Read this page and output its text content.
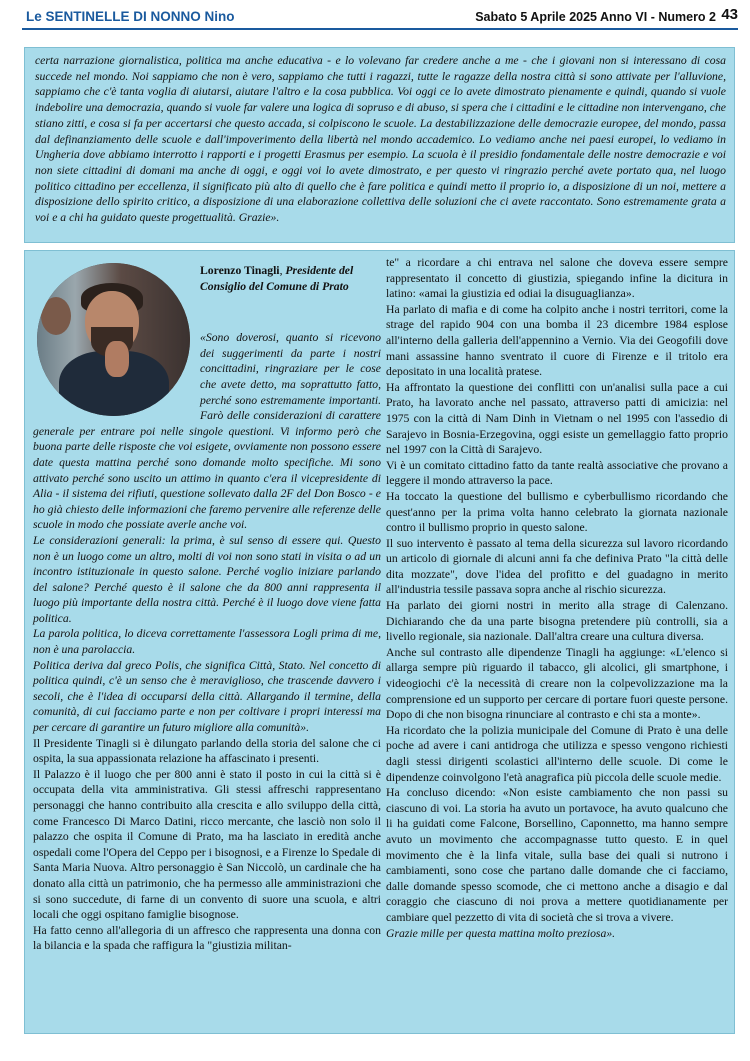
Le SENTINELLE DI NONNO Nino	Sabato 5 Aprile 2025 Anno VI - Numero 2 43

certa narrazione giornalistica, politica ma anche educativa - e lo volevano far credere anche a me - che i giovani non si interessano di cosa succede nel mondo. Noi sappiamo che non è vero, sappiamo che tutti i ragazzi, tutte le ragazze della nostra città si sono attivate per l'alluvione, sappiamo che c'è tanta voglia di aiutarsi, aiutare l'altro e la cosa pubblica. Voi oggi ce lo avete dimostrato pienamente e quindi, quando si vuole indebolire una democrazia, quando si vuole far valere una logica di sopruso e di abuso, si spera che i cittadini e le cittadine non intervengano, che stiano zitti, e cosa si fa per accertarsi che questo accada, si colpiscono le scuole. La destabilizzazione delle democrazie europee, del mondo, passa dal definanziamento delle scuole e dall'impoverimento della libertà nel mondo accademico. Lo vediamo anche nei paesi europei, lo vediamo in Ungheria dove abbiamo interrotto i rapporti e i progetti Erasmus per esempio. La scuola è il presidio fondamentale delle nostre democrazie e voi non siete cittadini di domani ma anche di oggi, e oggi voi lo avete dimostrato, e per questo vi ringrazio perché avete portato qua, nel luogo politico cittadino per eccellenza, il significato più alto di quello che è fare politica e quindi metto il proprio io, a disposizione di un noi, mettere a disposizione dello spirito critico, a disposizione di una elaborazione collettiva delle soluzioni che ci avete raccontato. Sono estremamente grata a voi e a chi ha guidato queste progettualità. Grazie».

Lorenzo Tinagli, Presidente del Consiglio del Comune di Prato

«Sono doverosi, quanto si ricevono dei suggerimenti da parte i nostri concittadini, ringraziare per le cose che avete detto, ma soprattutto fatto, perché sono estremamente importanti. Farò delle considerazioni di carattere generale per entrare poi nelle singole questioni. Vi informo però che buona parte delle risposte che voi esigete, ovviamente non possono essere date questa mattina perché sono domande molto specifiche. Mi sono attivato perché sono uscito un attimo in quanto c'era il vicepresidente di Alia - il sistema dei rifiuti, questione sollevato dalla 2F del Don Bosco - e ho già chiesto delle informazioni che faremo pervenire alle referenze delle scuole in modo che possiate averle anche voi.

Le considerazioni generali: la prima, è sul senso di essere qui. Questo non è un luogo come un altro, molti di voi non sono stati in visita o ad un incontro istituzionale in questo salone. Perché voglio iniziare parlando del salone? Perché questo è il salone che da 800 anni rappresenta il luogo più importante della nostra città. Perché è il luogo dove viene fatta politica.

La parola politica, lo diceva correttamente l'assessora Logli prima di me, non è una parolaccia.

Politica deriva dal greco Polis, che significa Città, Stato. Nel concetto di politica quindi, c'è un senso che è meraviglioso, che trascende davvero i secoli, che è l'idea di occuparsi della città. Allargando il termine, della comunità, di cui facciamo parte e non per coltivare i propri interessi ma per cercare di garantire un futuro migliore alla comunità».

Il Presidente Tinagli si è dilungato parlando della storia del salone che ci ospita, la sua appassionata relazione ha affascinato i presenti.

Il Palazzo è il luogo che per 800 anni è stato il posto in cui la città si è occupata della vita amministrativa. Gli stessi affreschi rappresentano personaggi che hanno contribuito alla crescita e allo sviluppo della città, come Francesco Di Marco Datini, ricco mercante, che lasciò non solo il palazzo che ospita il Comune di Prato, ma ha lasciato in eredità anche ospedali come l'Opera del Ceppo per i bisognosi, e a Firenze lo Spedale di Santa Maria Nuova. Altro personaggio è San Niccolò, un cardinale che ha donato alla città un patrimonio, che ha permesso alle amministrazioni che si sono succedute, di farne di un convento di suore una scuola, e altri locali che oggi ospitano famiglie bisognose.

Ha fatto cenno all'allegoria di un affresco che rappresenta una donna con la bilancia e la spada che raffigura la "giustizia militan-

te" a ricordare a chi entrava nel salone che doveva essere sempre rappresentato il concetto di giustizia, spiegando infine la dicitura in latino: «amai la giustizia ed odiai la disuguaglianza».

Ha parlato di mafia e di come ha colpito anche i nostri territori, come la strage del rapido 904 con una bomba il 23 dicembre 1984 esplose all'interno della galleria dell'appennino a Vernio. Via dei Geogofili dove mani assassine hanno sventrato il cuore di Firenze e il tritolo era depositato in una località pratese.

Ha affrontato la questione dei conflitti con un'analisi sulla pace a cui Prato, ha lavorato anche nel passato, attraverso patti di amicizia: nel 1975 con la città di Nam Dinh in Vietnam o nel 1995 con l'assedio di Sarajevo in Bosnia-Erzegovina, oggi esiste un gemellaggio fatto proprio nel 1997 con la Città di Sarajevo.

Vi è un comitato cittadino fatto da tante realtà associative che provano a leggere il mondo attraverso la pace.

Ha toccato la questione del bullismo e cyberbullismo ricordando che quest'anno per la prima volta hanno celebrato la giornata nazionale contro il bullismo proprio in questo salone.

Il suo intervento è passato al tema della sicurezza sul lavoro ricordando un articolo di giornale di alcuni anni fa che definiva Prato "la città delle dita mozzate", dove l'idea del profitto e del guadagno in merito all'industria tessile passava sopra anche al rischio sicurezza.

Ha parlato dei giorni nostri in merito alla strage di Calenzano. Dichiarando che da una parte bisogna pretendere più controlli, sia a livello regionale, sia nazionale. Dall'altra creare una cultura diversa.

Anche sul contrasto alle dipendenze Tinagli ha aggiunge: «L'elenco si allarga sempre più riguardo il tabacco, gli alcolici, gli smartphone, i videogiochi c'è la necessità di creare non la colpevolizzazione ma la comprensione ed un supporto per cercare di portare fuori queste persone. Dopo di che non bisogna rinunciare al contrasto e chi sta a monte».

Ha ricordato che la polizia municipale del Comune di Prato è una delle poche ad avere i cani antidroga che utilizza e spesso vengono richiesti dagli stessi dirigenti scolastici all'interno delle scuole. Di come le dipendenze coinvolgono l'età anagrafica più piccola delle scuole medie.

Ha concluso dicendo: «Non esiste cambiamento che non passi su ciascuno di voi. La storia ha avuto un portavoce, ha avuto qualcuno che li ha guidati come Falcone, Borsellino, Caponnetto, ma hanno sempre avuto un movimento che accompagnasse tutto questo. E in quel movimento che è la linfa vitale, sulla base dei quali si nutrono i cambiamenti, sono cose che partano dalle domande che ci facciamo, dalle domande spesso scomode, che ci mettono anche a disagio e dal coraggio che ciascuno di noi prova a mettere quotidianamente per cambiare quel pezzetto di vita di società che si trova a vivere.

Grazie mille per questa mattina molto preziosa».
